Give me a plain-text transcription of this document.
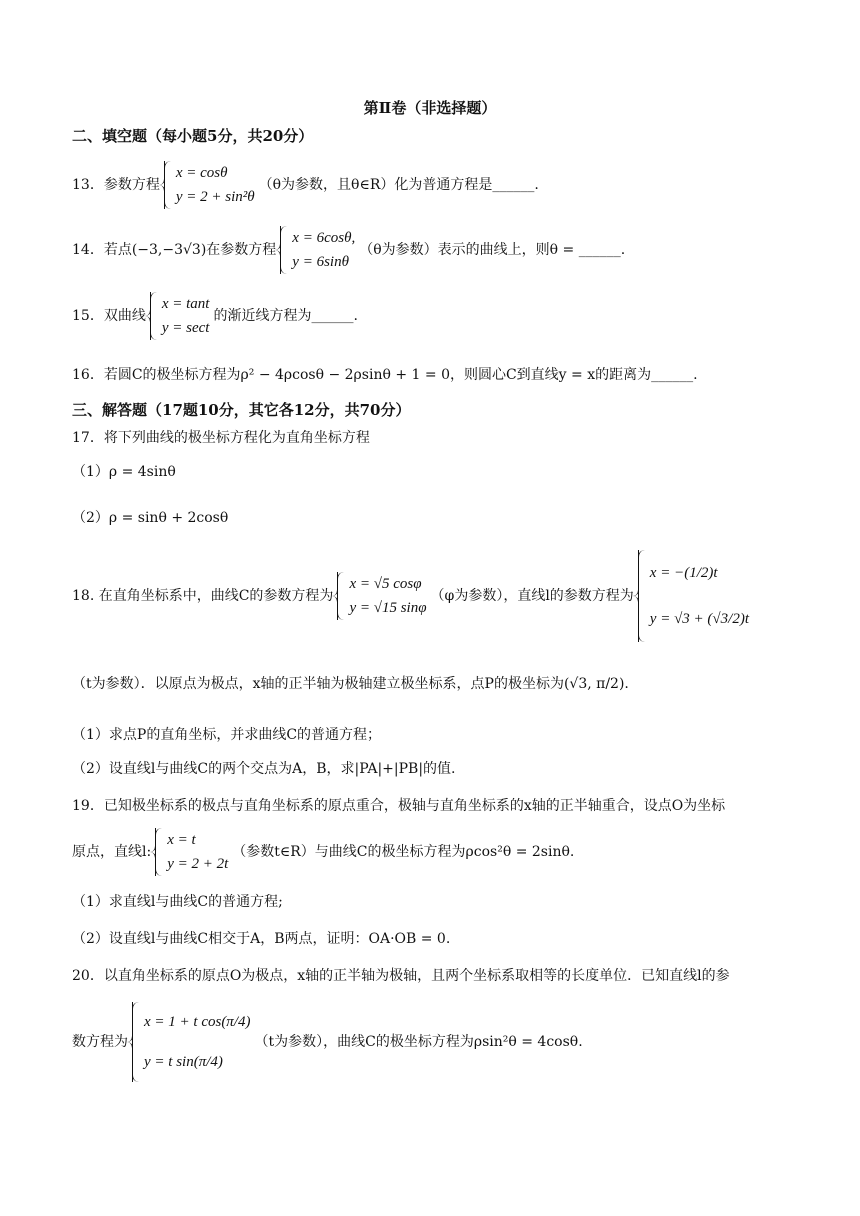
第Ⅱ卷（非选择题）
二、填空题（每小题5分，共20分）
13．参数方程
x = cosθ
y = 2 + sin²θ
（θ为参数，且θ∈R）化为普通方程是______.
14．若点(−3,−3√3)在参数方程
x = 6cosθ,
y = 6sinθ
（θ为参数）表示的曲线上，则θ = ______.
15．双曲线
x = tant
y = sect
的渐近线方程为______.
16．若圆C的极坐标方程为ρ² − 4ρcosθ − 2ρsinθ + 1 = 0，则圆心C到直线y = x的距离为______.
三、解答题（17题10分，其它各12分，共70分）
17．将下列曲线的极坐标方程化为直角坐标方程
（1）ρ = 4sinθ
（2）ρ = sinθ + 2cosθ
18. 在直角坐标系中，曲线C的参数方程为
x = √5 cosφ
y = √15 sinφ
（φ为参数），直线l的参数方程为
x = −(1/2)t
y = √3 + (√3/2)t
（t为参数）．以原点为极点，x轴的正半轴为极轴建立极坐标系，点P的极坐标为(√3, π/2).
（1）求点P的直角坐标，并求曲线C的普通方程；
（2）设直线l与曲线C的两个交点为A，B，求|PA|+|PB|的值.
19．已知极坐标系的极点与直角坐标系的原点重合，极轴与直角坐标系的x轴的正半轴重合，设点O为坐标
原点，直线l:
x = t
y = 2 + 2t
（参数t∈R）与曲线C的极坐标方程为ρcos²θ = 2sinθ.
（1）求直线l与曲线C的普通方程;
（2）设直线l与曲线C相交于A，B两点，证明：OA·OB = 0.
20．以直角坐标系的原点O为极点，x轴的正半轴为极轴，且两个坐标系取相等的长度单位．已知直线l的参
数方程为
x = 1 + t cos(π/4)
y = t sin(π/4)
（t为参数），曲线C的极坐标方程为ρsin²θ = 4cosθ.
